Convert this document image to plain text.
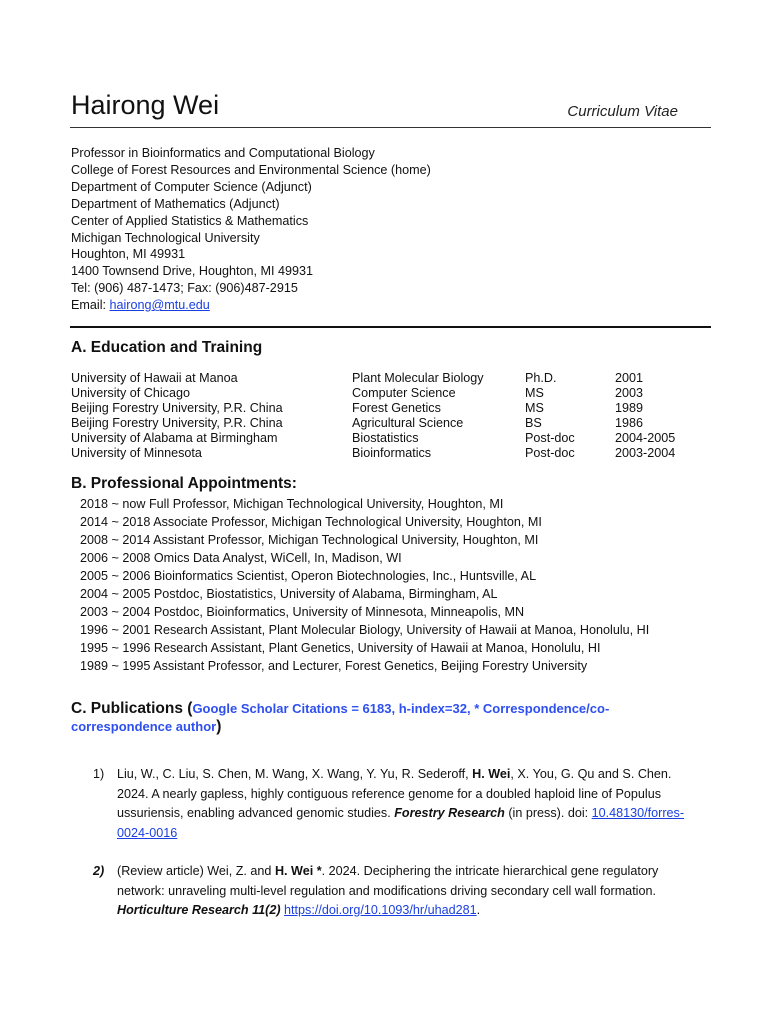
Hairong Wei	Curriculum Vitae
Professor in Bioinformatics and Computational Biology
College of Forest Resources and Environmental Science (home)
Department of Computer Science (Adjunct)
Department of Mathematics (Adjunct)
Center of Applied Statistics & Mathematics
Michigan Technological University
Houghton, MI 49931
1400 Townsend Drive, Houghton, MI 49931
Tel: (906) 487-1473; Fax: (906)487-2915
Email: hairong@mtu.edu
A. Education and Training
University of Hawaii at Manoa
University of Chicago
Beijing Forestry University, P.R. China
Beijing Forestry University, P.R. China
University of Alabama at Birmingham
University of Minnesota
Plant Molecular Biology
Computer Science
Forest Genetics
Agricultural Science
Biostatistics
Bioinformatics
Ph.D.
MS
MS
BS
Post-doc
Post-doc
2001
2003
1989
1986
2004-2005
2003-2004
B. Professional Appointments:
2018 ~ now Full Professor, Michigan Technological University, Houghton, MI
2014 ~ 2018 Associate Professor, Michigan Technological University, Houghton, MI
2008 ~ 2014 Assistant Professor, Michigan Technological University, Houghton, MI
2006 ~ 2008 Omics Data Analyst, WiCell, In, Madison, WI
2005 ~ 2006 Bioinformatics Scientist, Operon Biotechnologies, Inc., Huntsville, AL
2004 ~ 2005 Postdoc, Biostatistics, University of Alabama, Birmingham, AL
2003 ~ 2004 Postdoc, Bioinformatics, University of Minnesota, Minneapolis, MN
1996 ~ 2001 Research Assistant, Plant Molecular Biology, University of Hawaii at Manoa, Honolulu, HI
1995 ~ 1996 Research Assistant, Plant Genetics, University of Hawaii at Manoa, Honolulu, HI
1989 ~ 1995 Assistant Professor, and Lecturer, Forest Genetics, Beijing Forestry University
C. Publications (Google Scholar Citations = 6183, h-index=32, * Correspondence/co-correspondence author)
1) Liu, W., C. Liu, S. Chen, M. Wang, X. Wang, Y. Yu, R. Sederoff, H. Wei, X. You, G. Qu and S. Chen. 2024. A nearly gapless, highly contiguous reference genome for a doubled haploid line of Populus ussuriensis, enabling advanced genomic studies. Forestry Research (in press). doi: 10.48130/forres-0024-0016
2) (Review article) Wei, Z. and H. Wei *. 2024. Deciphering the intricate hierarchical gene regulatory network: unraveling multi-level regulation and modifications driving secondary cell wall formation. Horticulture Research 11(2) https://doi.org/10.1093/hr/uhad281.
